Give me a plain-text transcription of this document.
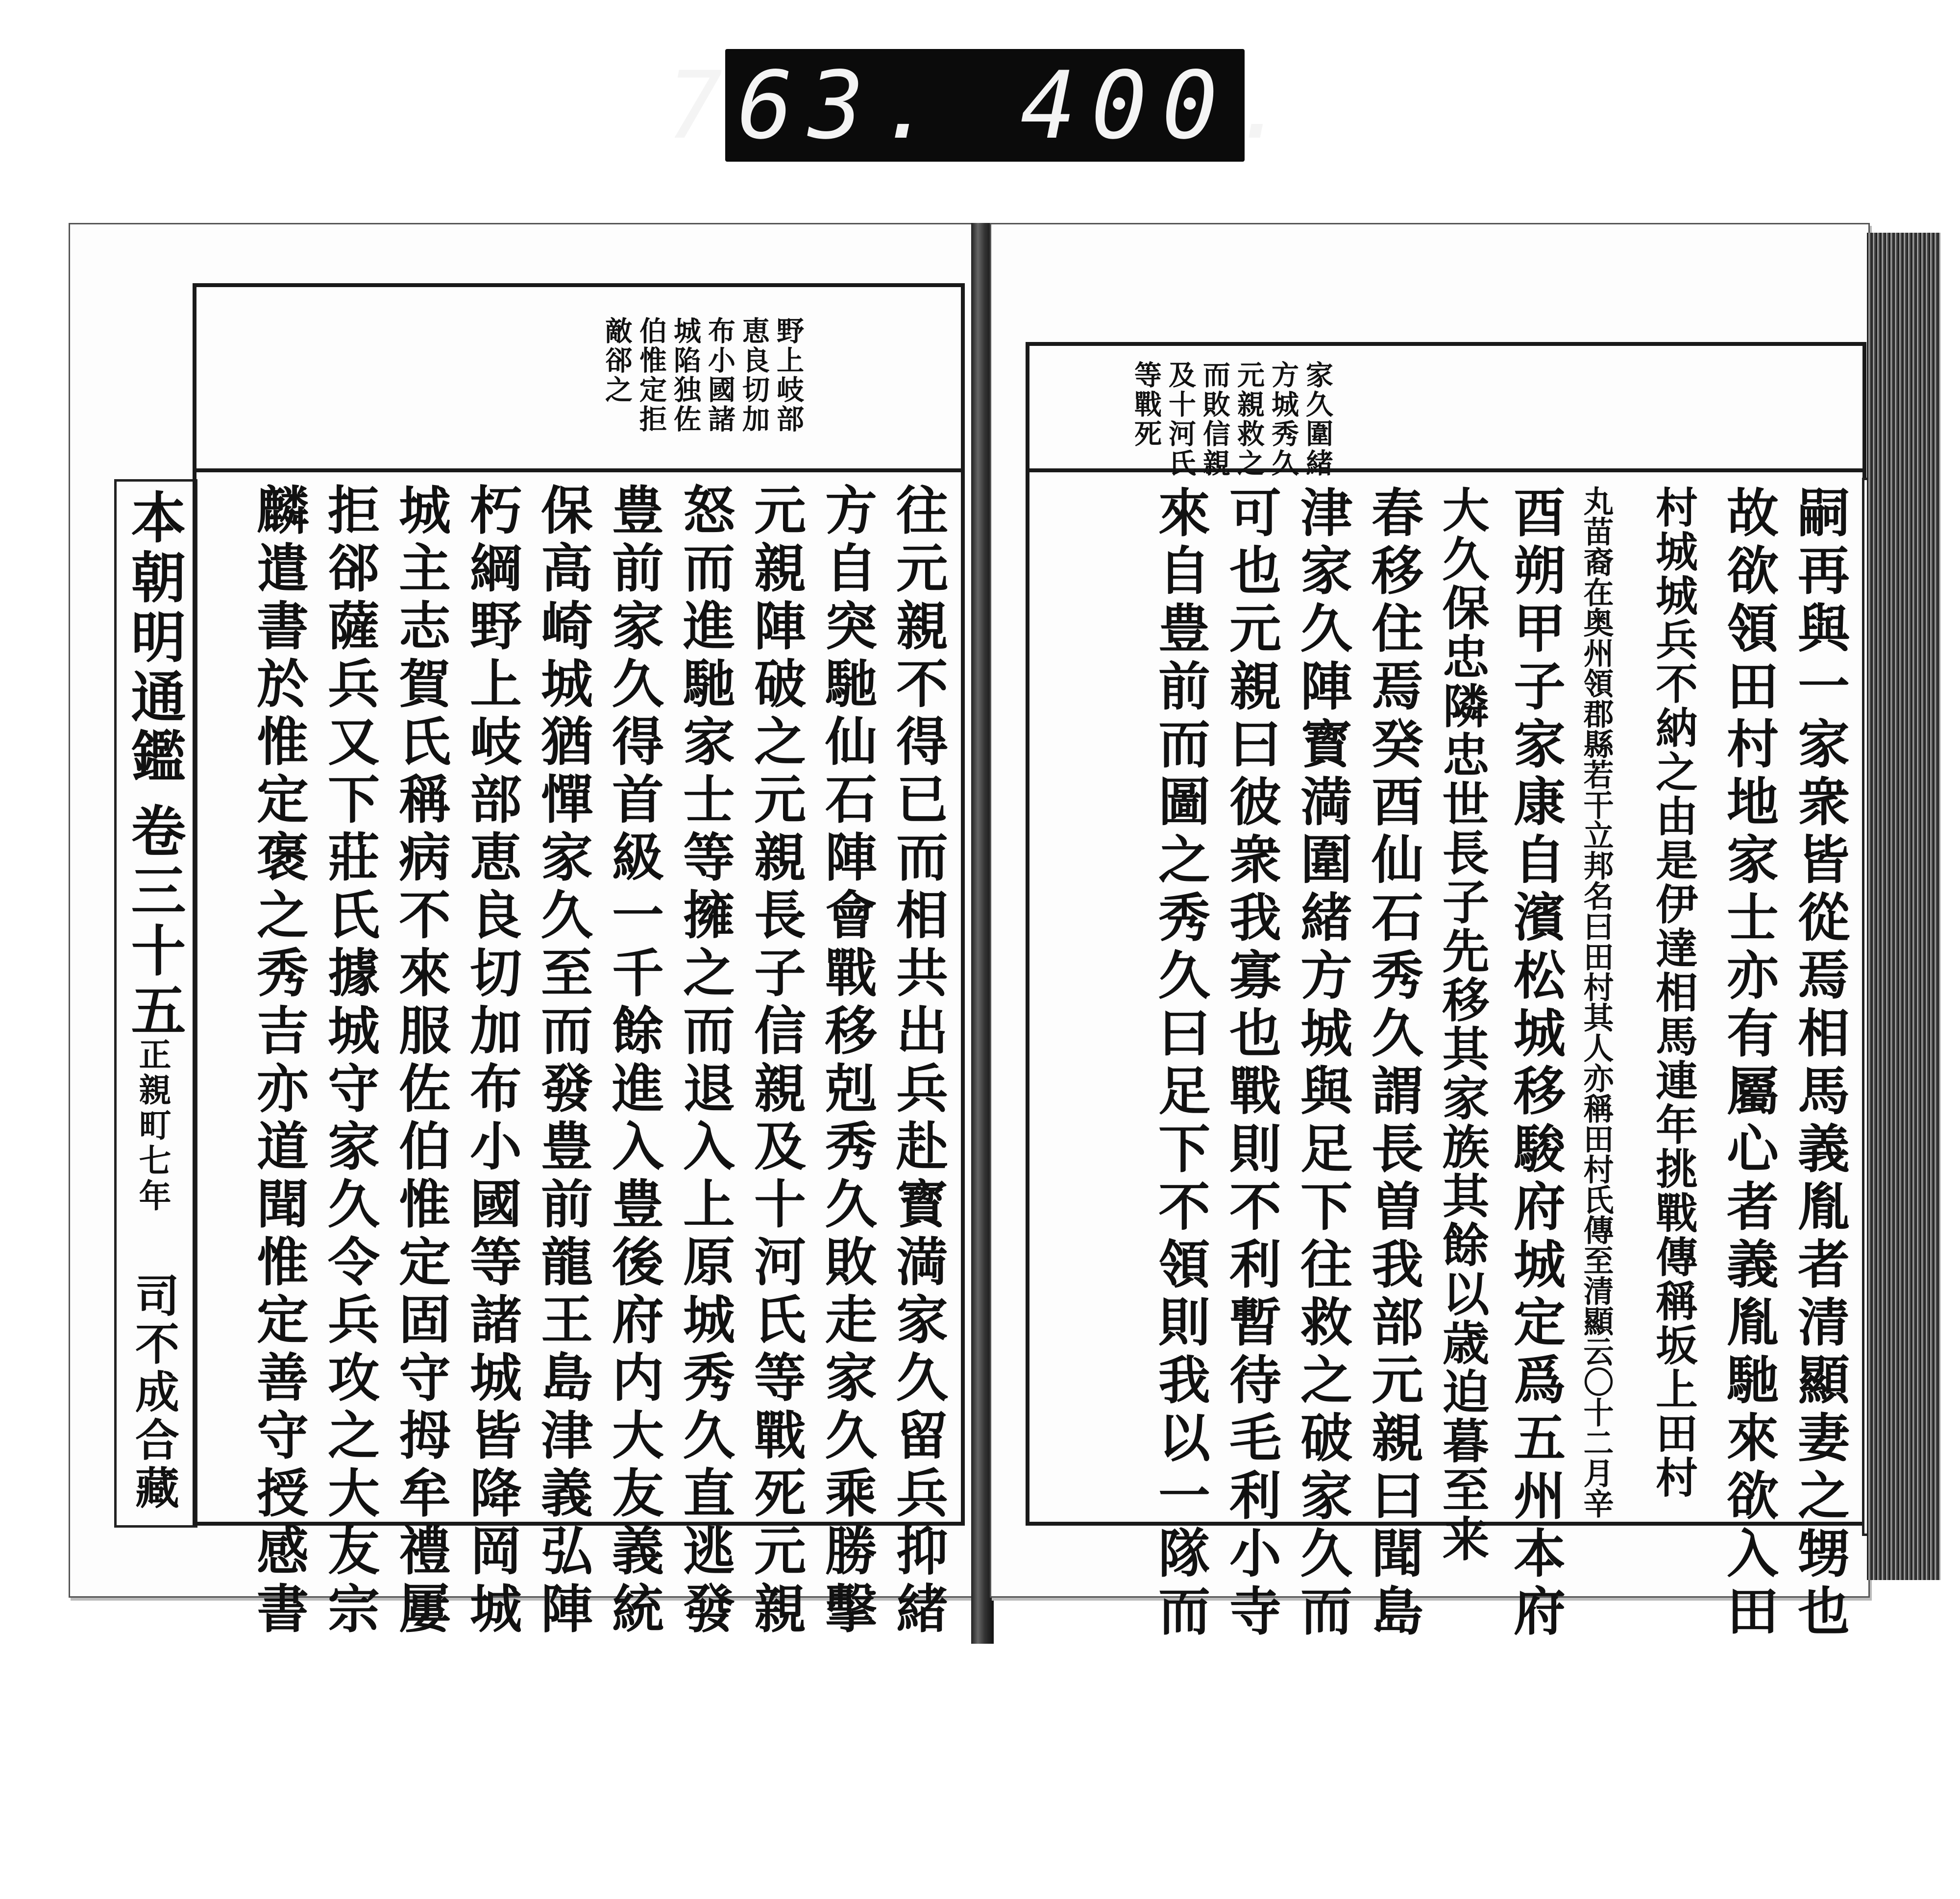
763. 400.
本朝明通鑑
卷三十五
正親町七年
司不成合藏
野上岐部
恵良切加
布小國諸
城陷独佐
伯惟定拒
敵郤之
往元親不得已而相共出兵赴寳満家久留兵抑緒
方自突馳仙石陣會戰移剋秀久敗走家久乘勝擊
元親陣破之元親長子信親及十河氏等戰死元親
怒而進馳家士等擁之而退入上原城秀久直逃發
豊前家久得首級一千餘進入豊後府内大友義統
保高崎城猶憚家久至而發豊前龍王島津義弘陣
朽綱野上岐部恵良切加布小國等諸城皆降岡城
城主志賀氏稱病不來服佐伯惟定固守拇牟禮屢
拒郤薩兵又下莊氏據城守家久令兵攻之大友宗
麟遣書於惟定褒之秀吉亦道聞惟定善守授感書
家久圍緒
方城秀久
元親救之
而敗信親
及十河氏
等戰死
嗣再與一家衆皆從焉相馬義胤者清顯妻之甥也
故欲領田村地家士亦有屬心者義胤馳來欲入田
村城城兵不納之由是伊達相馬連年挑戰傳稱坂上田村
丸苗裔在奥州領郡縣若干立邦名曰田村其人亦稱田村氏傳至清顯云〇十二月辛
酉朔甲子家康自濱松城移駿府城定爲五州本府
大久保忠隣忠世長子先移其家族其餘以歳迫暮至来
春移住焉癸酉仙石秀久謂長曽我部元親曰聞島
津家久陣寳満圍緒方城與足下往救之破家久而
可也元親曰彼衆我寡也戰則不利暫待毛利小寺
來自豊前而圖之秀久曰足下不領則我以一隊而
